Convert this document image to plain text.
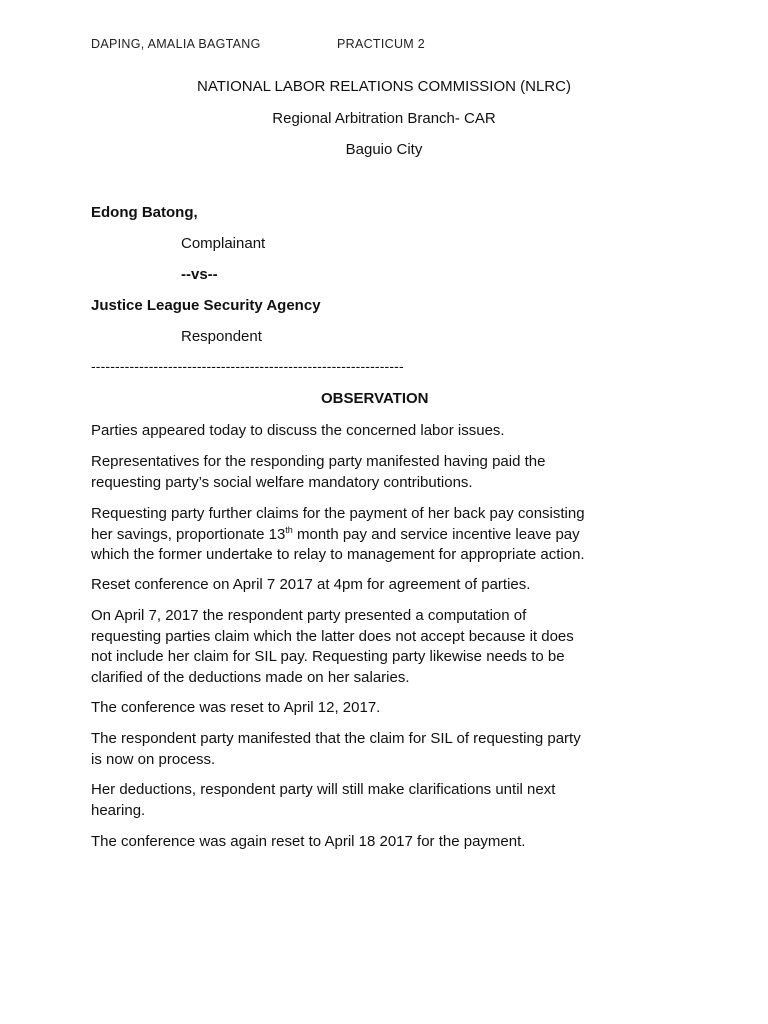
DAPING, AMALIA BAGTANG	PRACTICUM 2
NATIONAL LABOR RELATIONS COMMISSION (NLRC)
Regional Arbitration Branch- CAR
Baguio City
Edong Batong,
Complainant
--vs--
Justice League Security Agency
Respondent
-----------------------------------------------------------------
OBSERVATION

Parties appeared today to discuss the concerned labor issues.

Representatives for the responding party manifested having paid the
requesting party’s social welfare mandatory contributions.

Requesting party further claims for the payment of her back pay consisting
her savings, proportionate 13th month pay and service incentive leave pay
which the former undertake to relay to management for appropriate action.

Reset conference on April 7 2017 at 4pm for agreement of parties.

On April 7, 2017 the respondent party presented a computation of
requesting parties claim which the latter does not accept because it does
not include her claim for SIL pay. Requesting party likewise needs to be
clarified of the deductions made on her salaries.

The conference was reset to April 12, 2017.

The respondent party manifested that the claim for SIL of requesting party
is now on process.

Her deductions, respondent party will still make clarifications until next
hearing.

The conference was again reset to April 18 2017 for the payment.
